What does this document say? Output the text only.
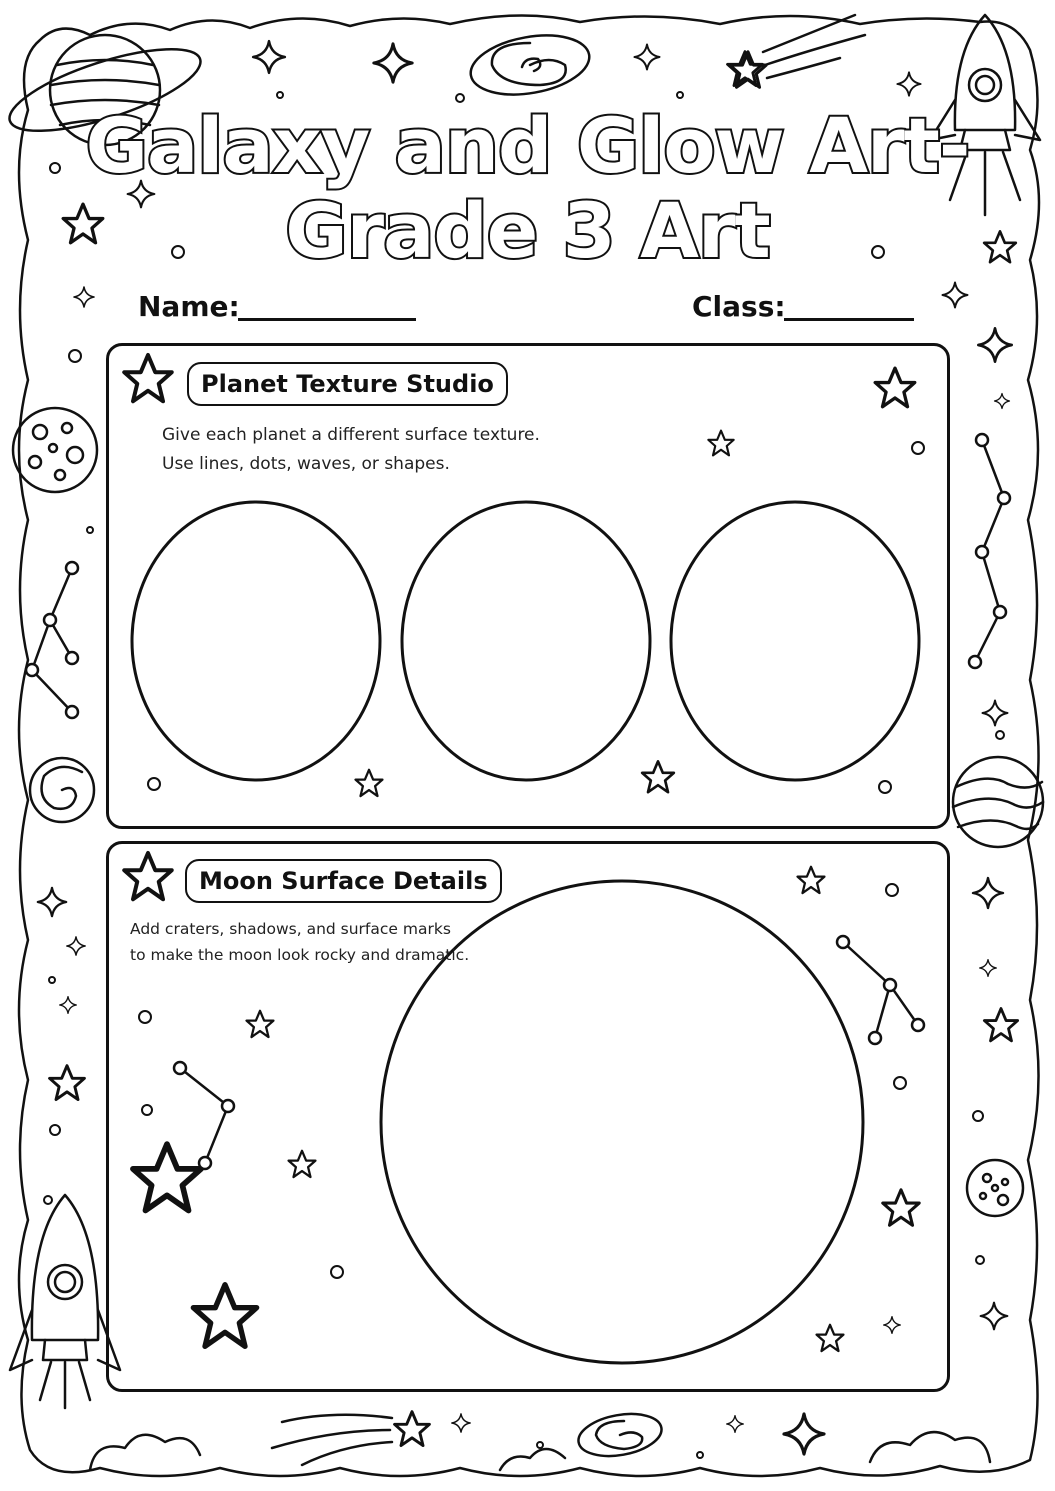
Galaxy and Glow Art-
Grade 3 Art
Name:	Class:
Planet Texture Studio
Give each planet a different surface texture.
Use lines, dots, waves, or shapes.
Moon Surface Details
Add craters, shadows, and surface marks
to make the moon look rocky and dramatic.
